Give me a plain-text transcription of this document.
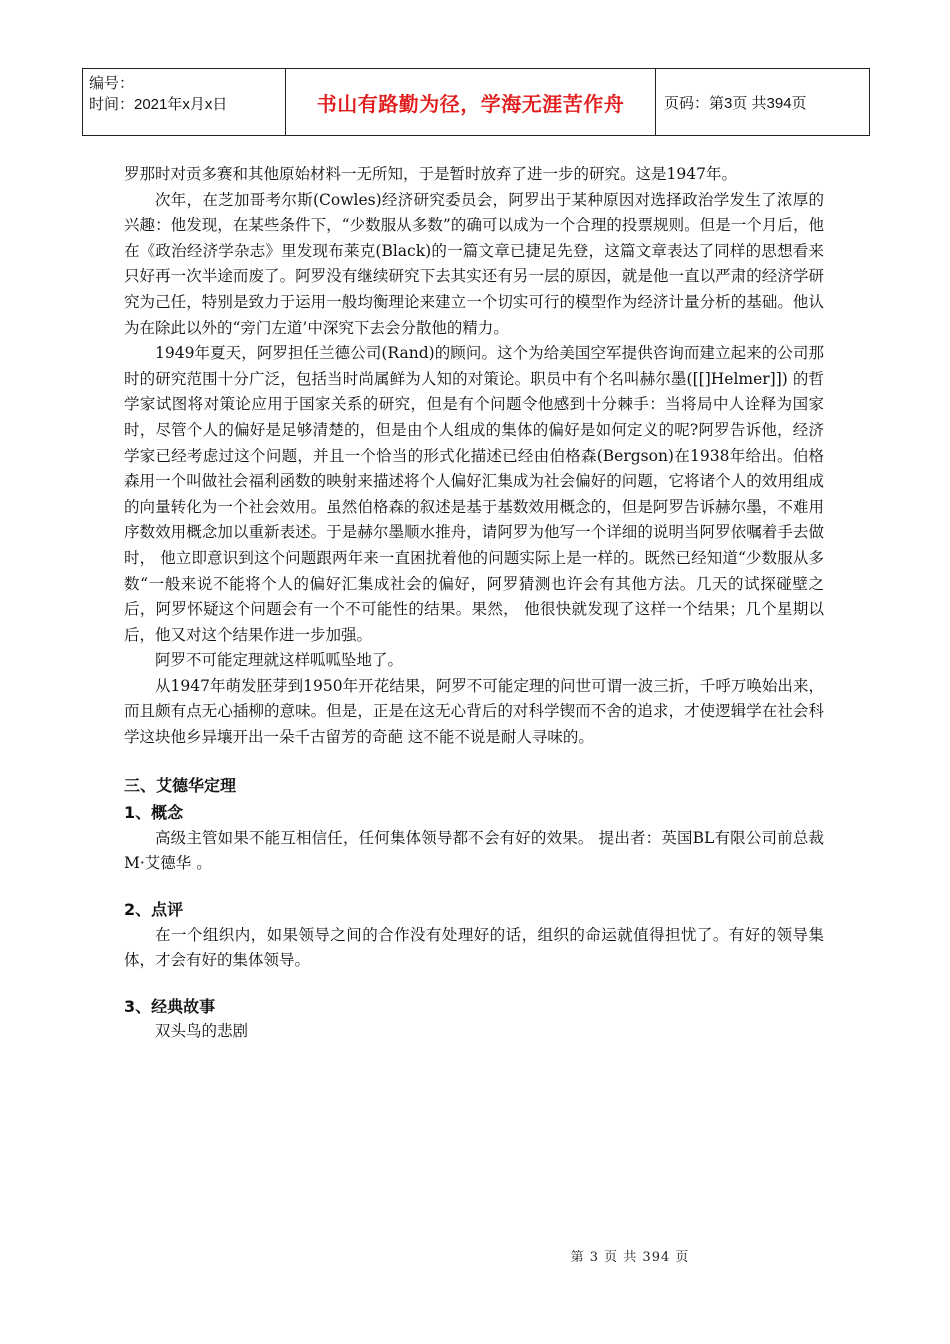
编号：
时间：2021年x月x日	书山有路勤为径，学海无涯苦作舟	页码：第3页 共394页

罗那时对贡多赛和其他原始材料一无所知，于是暂时放弃了进一步的研究。这是1947年。

次年，在芝加哥考尔斯(Cowles)经济研究委员会，阿罗出于某种原因对选择政治学发生了浓厚的兴趣：他发现，在某些条件下，“少数服从多数”的确可以成为一个合理的投票规则。但是一个月后，他在《政治经济学杂志》里发现布莱克(Black)的一篇文章已捷足先登，这篇文章表达了同样的思想看来只好再一次半途而废了。阿罗没有继续研究下去其实还有另一层的原因，就是他一直以严肃的经济学研究为己任，特别是致力于运用一般均衡理论来建立一个切实可行的模型作为经济计量分析的基础。他认为在除此以外的“旁门左道’中深究下去会分散他的精力。

1949年夏天，阿罗担任兰德公司(Rand)的顾问。这个为给美国空军提供咨询而建立起来的公司那时的研究范围十分广泛，包括当时尚属鲜为人知的对策论。职员中有个名叫赫尔墨([[]Helmer]]) 的哲学家试图将对策论应用于国家关系的研究，但是有个问题令他感到十分棘手：当将局中人诠释为国家时，尽管个人的偏好是足够清楚的，但是由个人组成的集体的偏好是如何定义的呢?阿罗告诉他，经济学家已经考虑过这个问题，并且一个恰当的形式化描述已经由伯格森(Bergson)在1938年给出。伯格森用一个叫做社会福利函数的映射来描述将个人偏好汇集成为社会偏好的问题，它将诸个人的效用组成的向量转化为一个社会效用。虽然伯格森的叙述是基于基数效用概念的，但是阿罗告诉赫尔墨，不难用序数效用概念加以重新表述。于是赫尔墨顺水推舟，请阿罗为他写一个详细的说明当阿罗依嘱着手去做时， 他立即意识到这个问题跟两年来一直困扰着他的问题实际上是一样的。既然已经知道“少数服从多数“一般来说不能将个人的偏好汇集成社会的偏好，阿罗猜测也许会有其他方法。几天的试探碰壁之后，阿罗怀疑这个问题会有一个不可能性的结果。果然， 他很快就发现了这样一个结果；几个星期以后，他又对这个结果作进一步加强。

阿罗不可能定理就这样呱呱坠地了。

从1947年萌发胚芽到1950年开花结果，阿罗不可能定理的问世可谓一波三折，千呼万唤始出来，而且颇有点无心插柳的意味。但是，正是在这无心背后的对科学锲而不舍的追求，才使逻辑学在社会科学这块他乡异壤开出一朵千古留芳的奇葩 这不能不说是耐人寻味的。

三、艾德华定理

1、概念

高级主管如果不能互相信任，任何集体领导都不会有好的效果。 提出者：英国BL有限公司前总裁M·艾德华 。

2、点评

在一个组织内，如果领导之间的合作没有处理好的话，组织的命运就值得担忧了。有好的领导集体，才会有好的集体领导。

3、经典故事

双头鸟的悲剧

第 3 页 共 394 页
